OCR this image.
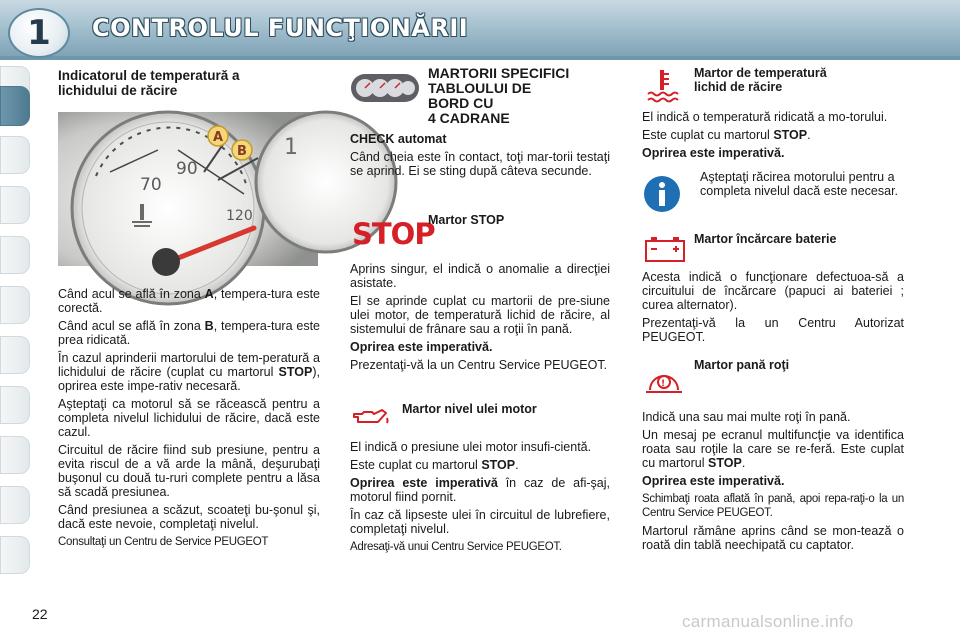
1 CONTROLUL FUNCŢIONĂRII
Indicatorul de temperatură a
lichidului de răcire
70
90
120
1
A
B

Când acul se află în zona A, tempera-tura este corectă.

Când acul se află în zona B, tempera-tura este prea ridicată.

În cazul aprinderii martorului de tem-peratură a lichidului de răcire (cuplat cu martorul STOP), oprirea este impe-rativ necesară.

Aşteptaţi ca motorul să se răcească pentru a completa nivelul lichidului de răcire, dacă este cazul.

Circuitul de răcire fiind sub presiune, pentru a evita riscul de a vă arde la mână, deşurubaţi buşonul cu două tu-ruri complete pentru a lăsa să scadă presiunea.

Când presiunea a scăzut, scoateţi bu-şonul şi, dacă este nevoie, completaţi nivelul.

Consultaţi un Centru de Service PEUGEOT

MARTORII SPECIFICI
TABLOULUI DE
BORD CU
4 CADRANE
CHECK automat

Când cheia este în contact, toţi mar-torii testaţi se aprind. Ei se sting după câteva secunde.

STOP
Martor STOP

Aprins singur, el indică o anomalie a direcţiei asistate.

El se aprinde cuplat cu martorii de pre-siune ulei motor, de temperatură lichid de răcire, al sistemului de frânare sau a roţii în pană.

Oprirea este imperativă.

Prezentaţi-vă la un Centru Service PEUGEOT.

Martor nivel ulei motor

El indică o presiune ulei motor insufi-cientă.

Este cuplat cu martorul STOP.

Oprirea este imperativă în caz de afi-şaj, motorul fiind pornit.

În caz că lipseste ulei în circuitul de lubrefiere, completaţi nivelul.

Adresaţi-vă unui Centru Service PEUGEOT.

Martor de temperatură
lichid de răcire

El indică o temperatură ridicată a mo-torului.

Este cuplat cu martorul STOP.

Oprirea este imperativă.

Aşteptaţi răcirea motorului pentru a completa nivelul dacă este necesar.
Martor încărcare baterie

Acesta indică o funcţionare defectuoa-să a circuitului de încărcare (papuci ai bateriei ; curea alternator).

Prezentaţi-vă la un Centru Autorizat PEUGEOT.

!
Martor pană roţi

Indică una sau mai multe roţi în pană.

Un mesaj pe ecranul multifuncţie va identifica roata sau roţile la care se re-feră. Este cuplat cu martorul STOP.

Oprirea este imperativă.

Schimbaţi roata aflată în pană, apoi repa-raţi-o la un Centru Service PEUGEOT.

Martorul rămâne aprins când se mon-tează o roată din tablă neechipată cu captator.

22	carmanualsonline.info
